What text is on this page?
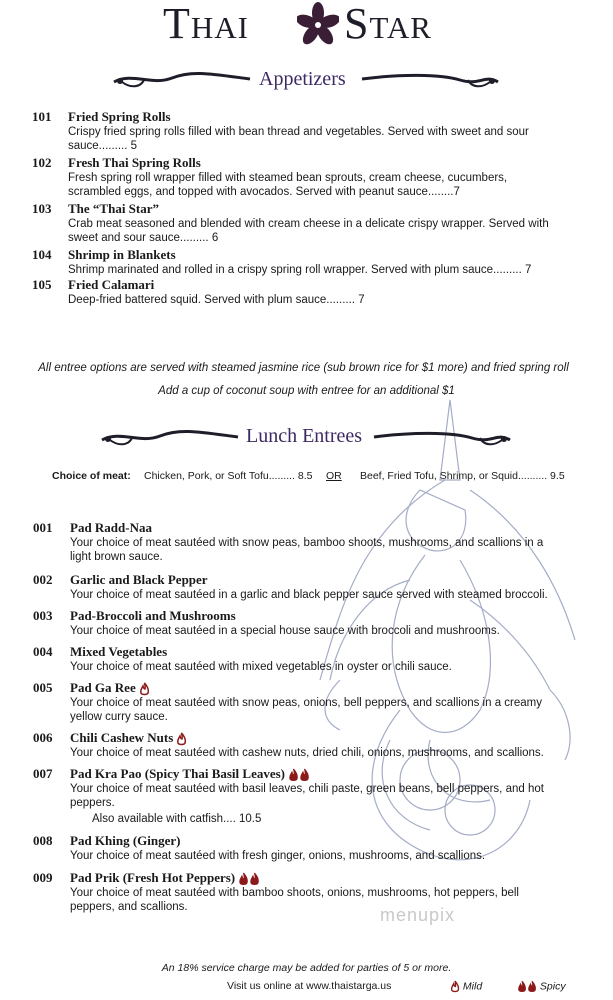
Thai Star
Appetizers
101 Fried Spring Rolls
Crispy fried spring rolls filled with bean thread and vegetables. Served with sweet and sour sauce......... 5
102 Fresh Thai Spring Rolls
Fresh spring roll wrapper filled with steamed bean sprouts, cream cheese, cucumbers, scrambled eggs, and topped with avocados. Served with peanut sauce........7
103 The “Thai Star”
Crab meat seasoned and blended with cream cheese in a delicate crispy wrapper. Served with sweet and sour sauce......... 6
104 Shrimp in Blankets
Shrimp marinated and rolled in a crispy spring roll wrapper. Served with plum sauce......... 7
105 Fried Calamari
Deep-fried battered squid. Served with plum sauce......... 7
All entree options are served with steamed jasmine rice (sub brown rice for $1 more) and fried spring roll
Add a cup of coconut soup with entree for an additional $1
Lunch Entrees
Choice of meat: Chicken, Pork, or Soft Tofu......... 8.5 OR Beef, Fried Tofu, Shrimp, or Squid.......... 9.5
001 Pad Radd-Naa
Your choice of meat sautéed with snow peas, bamboo shoots, mushrooms, and scallions in a light brown sauce.
002 Garlic and Black Pepper
Your choice of meat sautéed in a garlic and black pepper sauce served with steamed broccoli.
003 Pad-Broccoli and Mushrooms
Your choice of meat sautéed in a special house sauce with broccoli and mushrooms.
004 Mixed Vegetables
Your choice of meat sautéed with mixed vegetables in oyster or chili sauce.
005 Pad Ga Ree
Your choice of meat sautéed with snow peas, onions, bell peppers, and scallions in a creamy yellow curry sauce.
006 Chili Cashew Nuts
Your choice of meat sautéed with cashew nuts, dried chili, onions, mushrooms, and scallions.
007 Pad Kra Pao (Spicy Thai Basil Leaves)
Your choice of meat sautéed with basil leaves, chili paste, green beans, bell peppers, and hot peppers.
Also available with catfish.... 10.5
008 Pad Khing (Ginger)
Your choice of meat sautéed with fresh ginger, onions, mushrooms, and scallions.
009 Pad Prik (Fresh Hot Peppers)
Your choice of meat sautéed with bamboo shoots, onions, mushrooms, hot peppers, bell peppers, and scallions.	menupix
An 18% service charge may be added for parties of 5 or more.
Visit us online at www.thaistarga.us	Mild	Spicy
